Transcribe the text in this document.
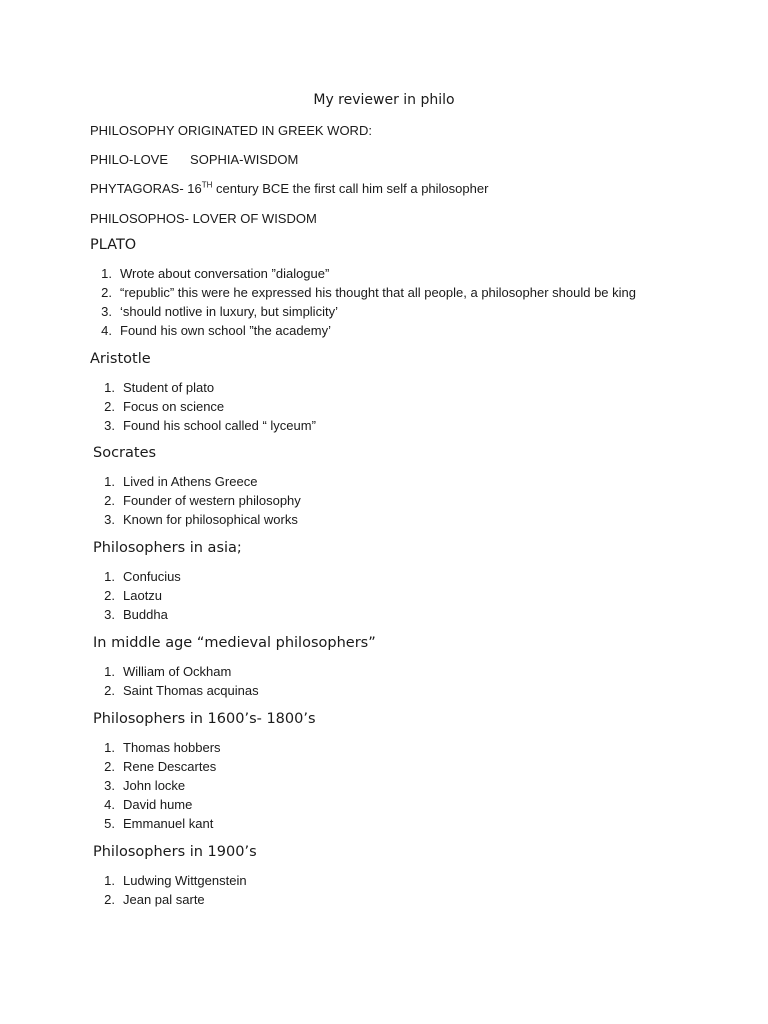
My reviewer in philo
PHILOSOPHY ORIGINATED IN GREEK WORD:
PHILO-LOVE SOPHIA-WISDOM
PHYTAGORAS- 16TH century BCE the first call him self a philosopher
PHILOSOPHOS- LOVER OF WISDOM
PLATO
1. Wrote about conversation ”dialogue”
2. “republic” this were he expressed his thought that all people, a philosopher should be king
3. ‘should notlive in luxury, but simplicity’
4. Found his own school ”the academy’
Aristotle
1. Student of plato
2. Focus on science
3. Found his school called “ lyceum”
Socrates
1. Lived in Athens Greece
2. Founder of western philosophy
3. Known for philosophical works
Philosophers in asia;
1. Confucius
2. Laotzu
3. Buddha
In middle age “medieval philosophers”
1. William of Ockham
2. Saint Thomas acquinas
Philosophers in 1600’s- 1800’s
1. Thomas hobbers
2. Rene Descartes
3. John locke
4. David hume
5. Emmanuel kant
Philosophers in 1900’s
1. Ludwing Wittgenstein
2. Jean pal sarte
